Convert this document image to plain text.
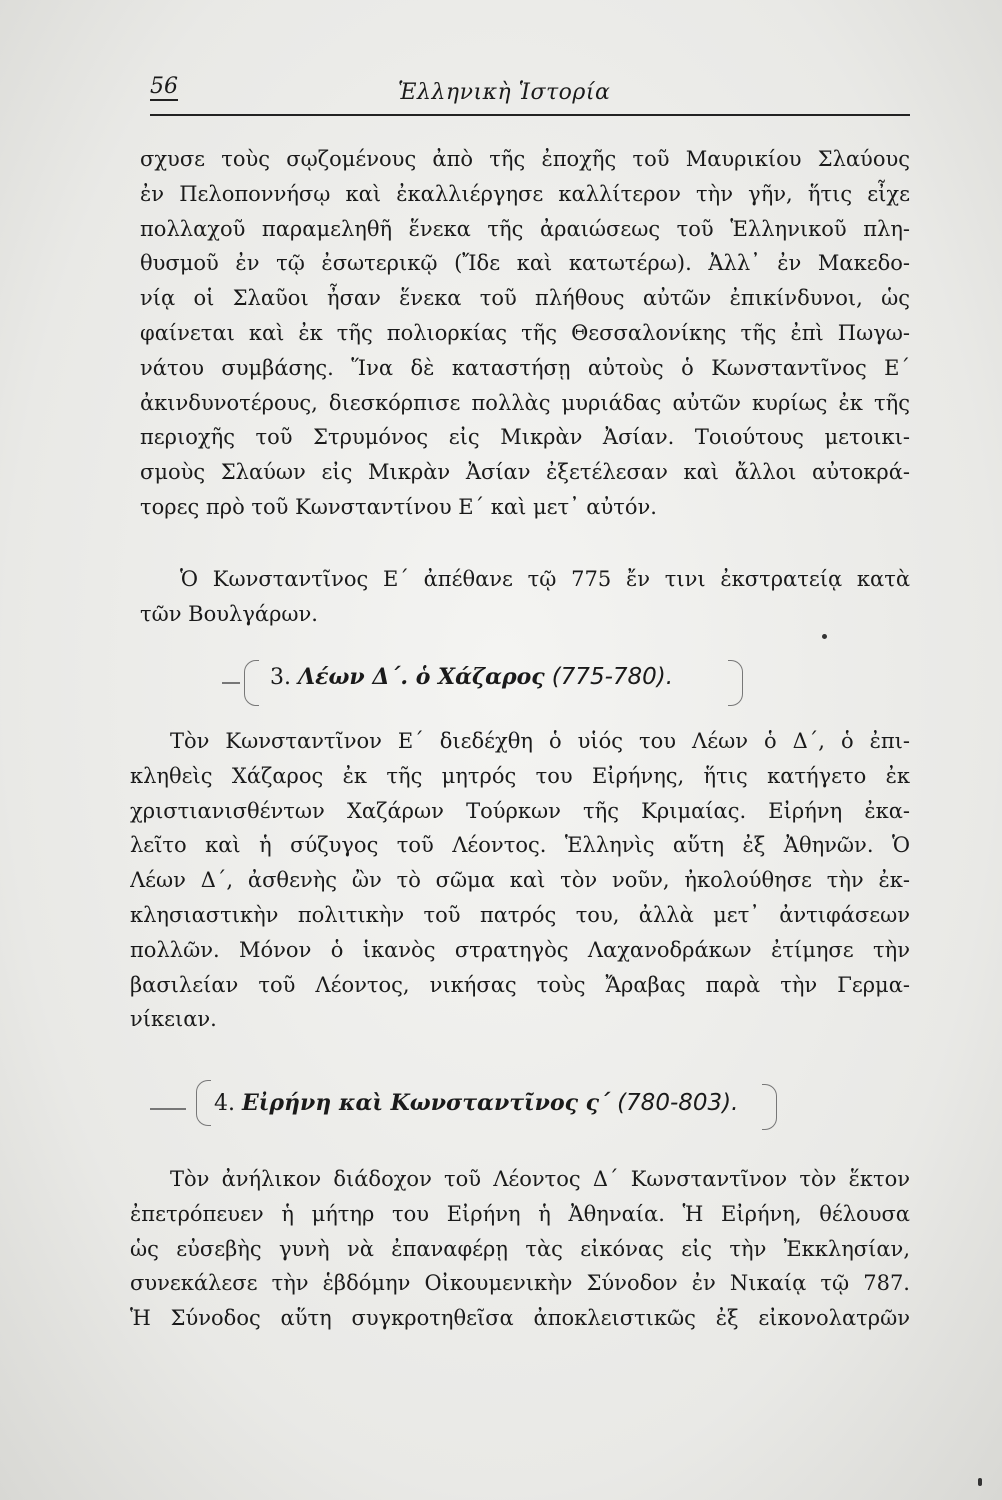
56	Ἑλληνικὴ Ἱστορία
σχυσε τοὺς σῳζομένους ἀπὸ τῆς ἐποχῆς τοῦ Μαυρικίου Σλαύους
ἐν Πελοποννήσῳ καὶ ἐκαλλιέργησε καλλίτερον τὴν γῆν, ἥτις εἶχε
πολλαχοῦ παραμεληθῆ ἕνεκα τῆς ἀραιώσεως τοῦ Ἑλληνικοῦ πλη-
θυσμοῦ ἐν τῷ ἐσωτερικῷ (Ἴδε καὶ κατωτέρω). Ἀλλ᾽ ἐν Μακεδο-
νίᾳ οἱ Σλαῦοι ἦσαν ἕνεκα τοῦ πλήθους αὐτῶν ἐπικίνδυνοι, ὡς
φαίνεται καὶ ἐκ τῆς πολιορκίας τῆς Θεσσαλονίκης τῆς ἐπὶ Πωγω-
νάτου συμβάσης. Ἵνα δὲ καταστήσῃ αὐτοὺς ὁ Κωνσταντῖνος Ε΄
ἀκινδυνοτέρους, διεσκόρπισε πολλὰς μυριάδας αὐτῶν κυρίως ἐκ τῆς
περιοχῆς τοῦ Στρυμόνος εἰς Μικρὰν Ἀσίαν. Τοιούτους μετοικι-
σμοὺς Σλαύων εἰς Μικρὰν Ἀσίαν ἐξετέλεσαν καὶ ἄλλοι αὐτοκρά-
τορες πρὸ τοῦ Κωνσταντίνου Ε΄ καὶ μετ᾽ αὐτόν.
Ὁ Κωνσταντῖνος Ε΄ ἀπέθανε τῷ 775 ἔν τινι ἐκστρατείᾳ κατὰ
τῶν Βουλγάρων.
Τὸν Κωνσταντῖνον Ε΄ διεδέχθη ὁ υἱός του Λέων ὁ Δ΄, ὁ ἐπι-
κληθεὶς Χάζαρος ἐκ τῆς μητρός του Εἰρήνης, ἥτις κατήγετο ἐκ
χριστιανισθέντων Χαζάρων Τούρκων τῆς Κριμαίας. Εἰρήνη ἐκα-
λεῖτο καὶ ἡ σύζυγος τοῦ Λέοντος. Ἑλληνὶς αὕτη ἐξ Ἀθηνῶν. Ὁ
Λέων Δ΄, ἀσθενὴς ὢν τὸ σῶμα καὶ τὸν νοῦν, ἠκολούθησε τὴν ἐκ-
κλησιαστικὴν πολιτικὴν τοῦ πατρός του, ἀλλὰ μετ᾽ ἀντιφάσεων
πολλῶν. Μόνον ὁ ἱκανὸς στρατηγὸς Λαχανοδράκων ἐτίμησε τὴν
βασιλείαν τοῦ Λέοντος, νικήσας τοὺς Ἄραβας παρὰ τὴν Γερμα-
νίκειαν.
Τὸν ἀνήλικον διάδοχον τοῦ Λέοντος Δ΄ Κωνσταντῖνον τὸν ἕκτον
ἐπετρόπευεν ἡ μήτηρ του Εἰρήνη ἡ Ἀθηναία. Ἡ Εἰρήνη, θέλουσα
ὡς εὐσεβὴς γυνὴ νὰ ἐπαναφέρῃ τὰς εἰκόνας εἰς τὴν Ἐκκλησίαν,
συνεκάλεσε τὴν ἑβδόμην Οἰκουμενικὴν Σύνοδον ἐν Νικαίᾳ τῷ 787.
Ἡ Σύνοδος αὕτη συγκροτηθεῖσα ἀποκλειστικῶς ἐξ εἰκονολατρῶν
3. Λέων Δ΄. ὁ Χάζαρος (775-780).
4. Εἰρήνη καὶ Κωνσταντῖνος ς΄ (780-803).
